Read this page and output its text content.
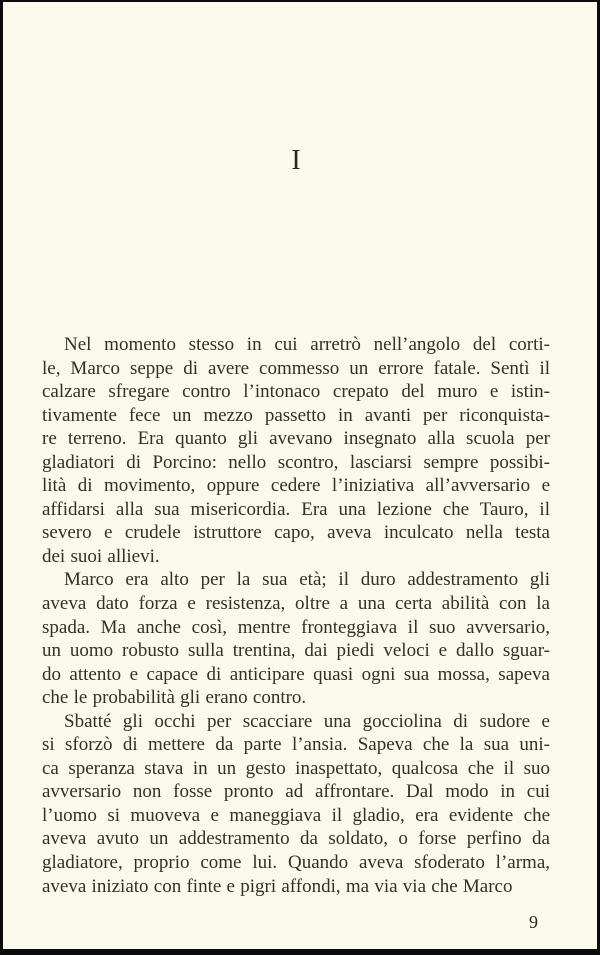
I
Nel momento stesso in cui arretrò nell’angolo del corti-
le, Marco seppe di avere commesso un errore fatale. Sentì il
calzare sfregare contro l’intonaco crepato del muro e istin-
tivamente fece un mezzo passetto in avanti per riconquista-
re terreno. Era quanto gli avevano insegnato alla scuola per
gladiatori di Porcino: nello scontro, lasciarsi sempre possibi-
lità di movimento, oppure cedere l’iniziativa all’avversario e
affidarsi alla sua misericordia. Era una lezione che Tauro, il
severo e crudele istruttore capo, aveva inculcato nella testa
dei suoi allievi.
Marco era alto per la sua età; il duro addestramento gli
aveva dato forza e resistenza, oltre a una certa abilità con la
spada. Ma anche così, mentre fronteggiava il suo avversario,
un uomo robusto sulla trentina, dai piedi veloci e dallo sguar-
do attento e capace di anticipare quasi ogni sua mossa, sapeva
che le probabilità gli erano contro.
Sbatté gli occhi per scacciare una gocciolina di sudore e
si sforzò di mettere da parte l’ansia. Sapeva che la sua uni-
ca speranza stava in un gesto inaspettato, qualcosa che il suo
avversario non fosse pronto ad affrontare. Dal modo in cui
l’uomo si muoveva e maneggiava il gladio, era evidente che
aveva avuto un addestramento da soldato, o forse perfino da
gladiatore, proprio come lui. Quando aveva sfoderato l’arma,
aveva iniziato con finte e pigri affondi, ma via via che Marco
9
